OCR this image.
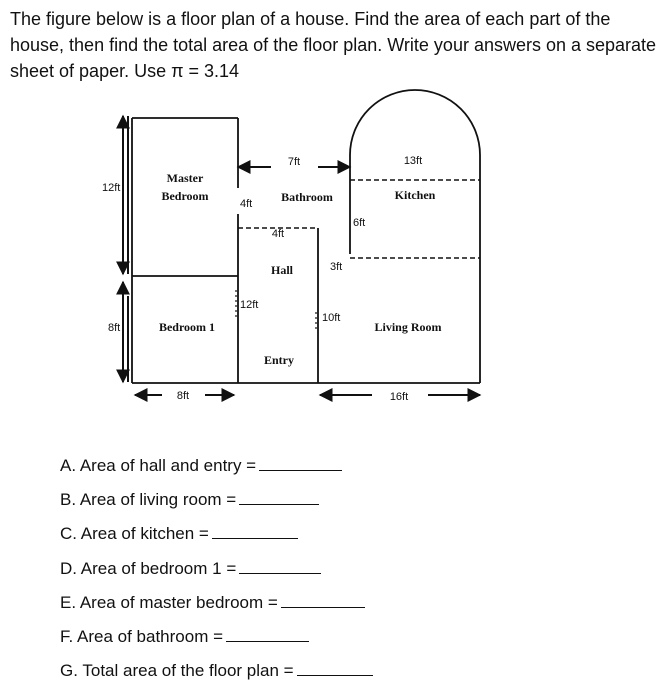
The figure below is a floor plan of a house. Find the area of each part of the house, then find the total area of the floor plan. Write your answers on a separate sheet of paper. Use π = 3.14

Master
Bedroom	Bathroom	Kitchen
Hall
Bedroom 1
Entry
Living Room
12ft
8ft
8ft
7ft
4ft
4ft
12ft
10ft
13ft
6ft
3ft
16ft
A. Area of hall and entry =
B. Area of living room =
C. Area of kitchen =
D. Area of bedroom 1 =
E. Area of master bedroom =
F. Area of bathroom =
G. Total area of the floor plan =
